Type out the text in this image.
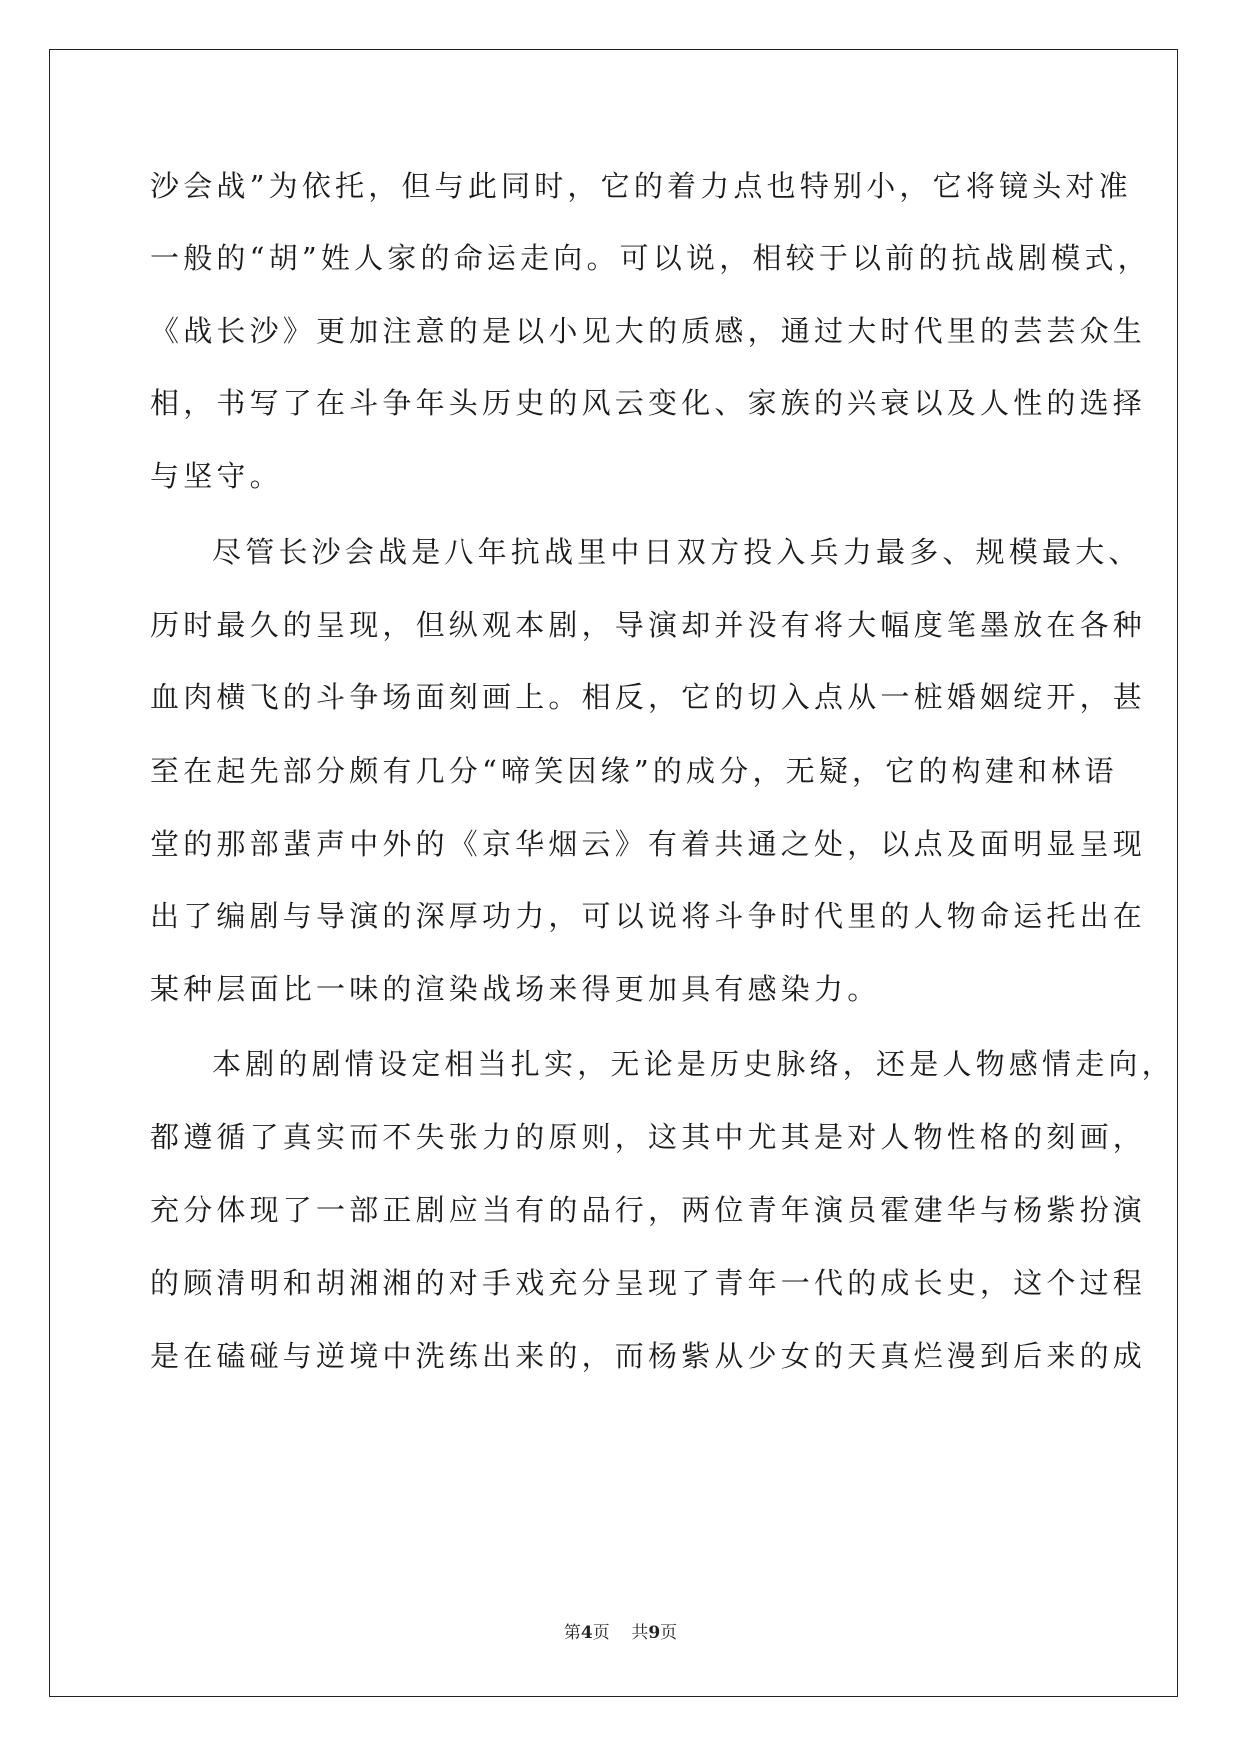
沙会战”为依托，但与此同时，它的着力点也特别小，它将镜头对准
一般的“胡”姓人家的命运走向。可以说，相较于以前的抗战剧模式，
《战长沙》更加注意的是以小见大的质感，通过大时代里的芸芸众生
相，书写了在斗争年头历史的风云变化、家族的兴衰以及人性的选择
与坚守。
尽管长沙会战是八年抗战里中日双方投入兵力最多、规模最大、
历时最久的呈现，但纵观本剧，导演却并没有将大幅度笔墨放在各种
血肉横飞的斗争场面刻画上。相反，它的切入点从一桩婚姻绽开，甚
至在起先部分颇有几分“啼笑因缘”的成分，无疑，它的构建和林语
堂的那部蜚声中外的《京华烟云》有着共通之处，以点及面明显呈现
出了编剧与导演的深厚功力，可以说将斗争时代里的人物命运托出在
某种层面比一味的渲染战场来得更加具有感染力。
本剧的剧情设定相当扎实，无论是历史脉络，还是人物感情走向，
都遵循了真实而不失张力的原则，这其中尤其是对人物性格的刻画，
充分体现了一部正剧应当有的品行，两位青年演员霍建华与杨紫扮演
的顾清明和胡湘湘的对手戏充分呈现了青年一代的成长史，这个过程
是在磕碰与逆境中洗练出来的，而杨紫从少女的天真烂漫到后来的成
第4页 共9页
